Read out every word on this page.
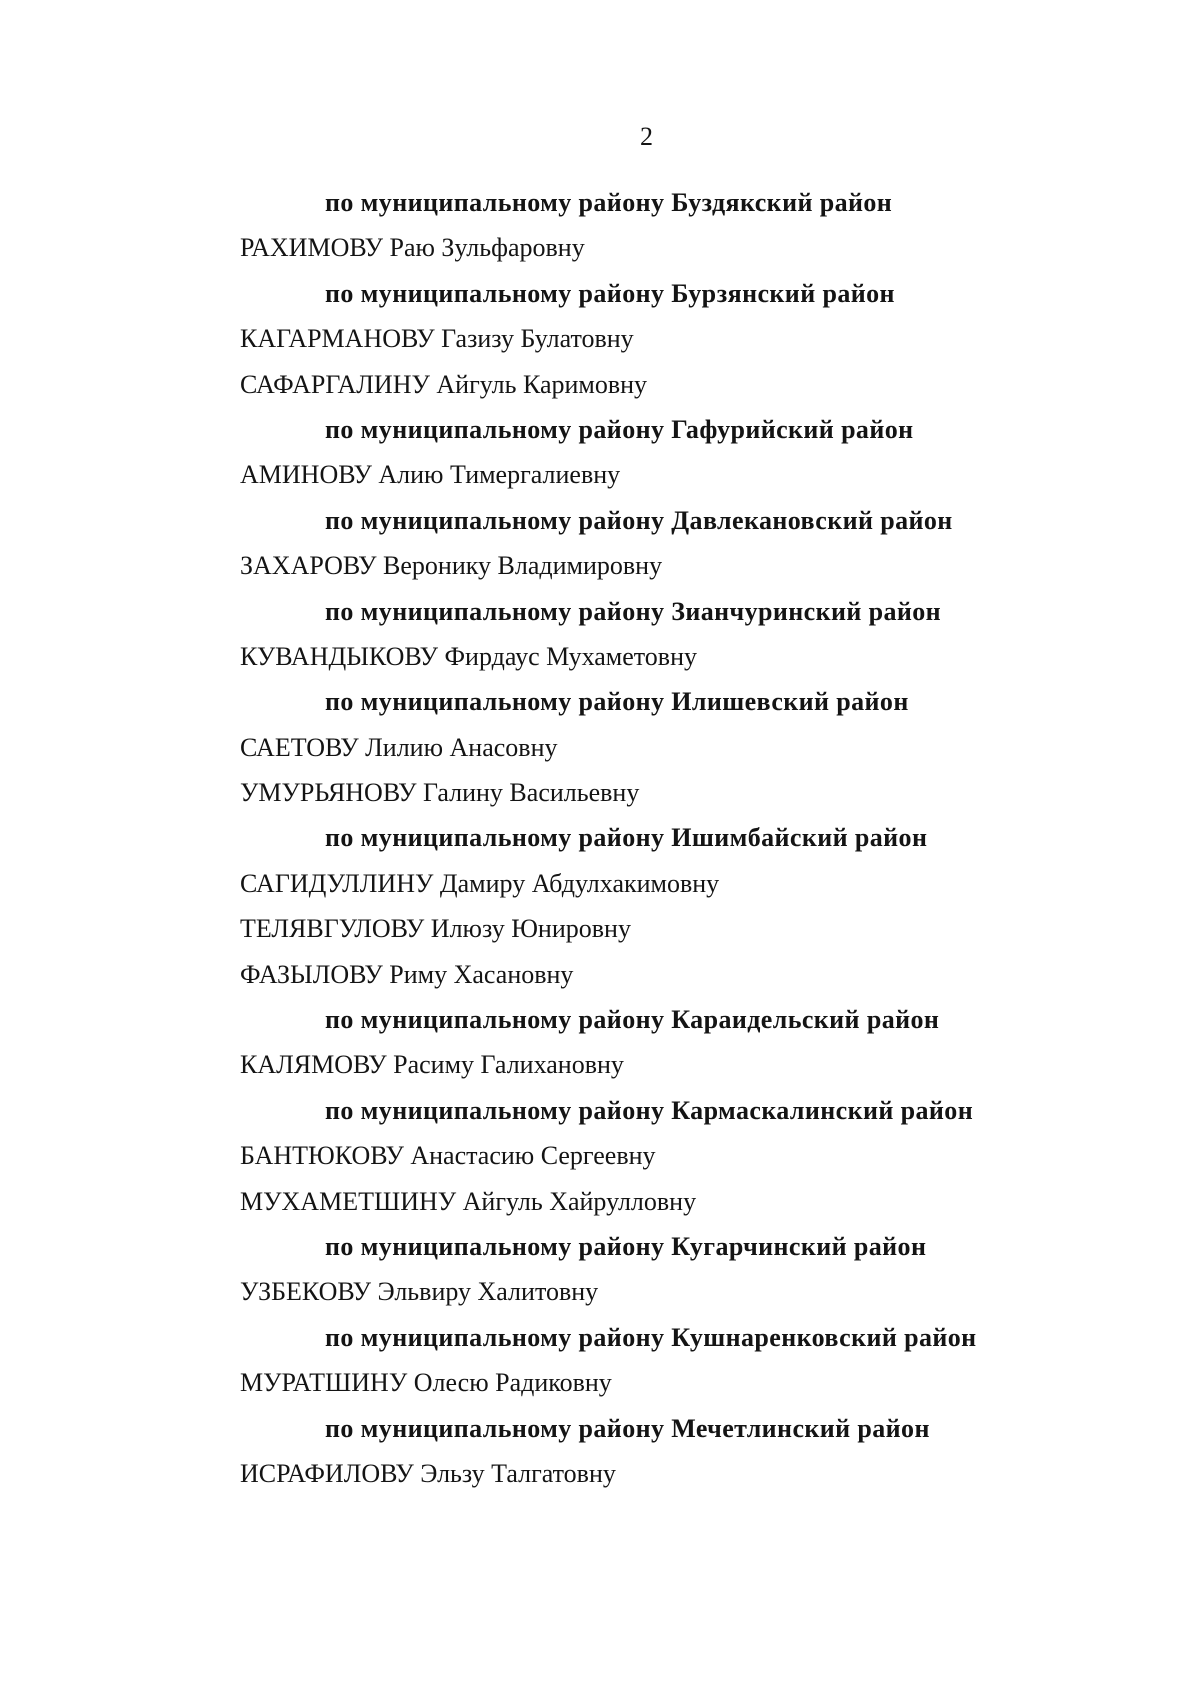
2
по муниципальному району Буздякский район
РАХИМОВУ Раю Зульфаровну
по муниципальному району Бурзянский район
КАГАРМАНОВУ Газизу Булатовну
САФАРГАЛИНУ Айгуль Каримовну
по муниципальному району Гафурийский район
АМИНОВУ Алию Тимергалиевну
по муниципальному району Давлекановский район
ЗАХАРОВУ Веронику Владимировну
по муниципальному району Зианчуринский район
КУВАНДЫКОВУ Фирдаус Мухаметовну
по муниципальному району Илишевский район
САЕТОВУ Лилию Анасовну
УМУРЬЯНОВУ Галину Васильевну
по муниципальному району Ишимбайский район
САГИДУЛЛИНУ Дамиру Абдулхакимовну
ТЕЛЯВГУЛОВУ Илюзу Юнировну
ФАЗЫЛОВУ Риму Хасановну
по муниципальному району Караидельский район
КАЛЯМОВУ Расиму Галихановну
по муниципальному району Кармаскалинский район
БАНТЮКОВУ Анастасию Сергеевну
МУХАМЕТШИНУ Айгуль Хайрулловну
по муниципальному району Кугарчинский район
УЗБЕКОВУ Эльвиру Халитовну
по муниципальному району Кушнаренковский район
МУРАТШИНУ Олесю Радиковну
по муниципальному району Мечетлинский район
ИСРАФИЛОВУ Эльзу Талгатовну
